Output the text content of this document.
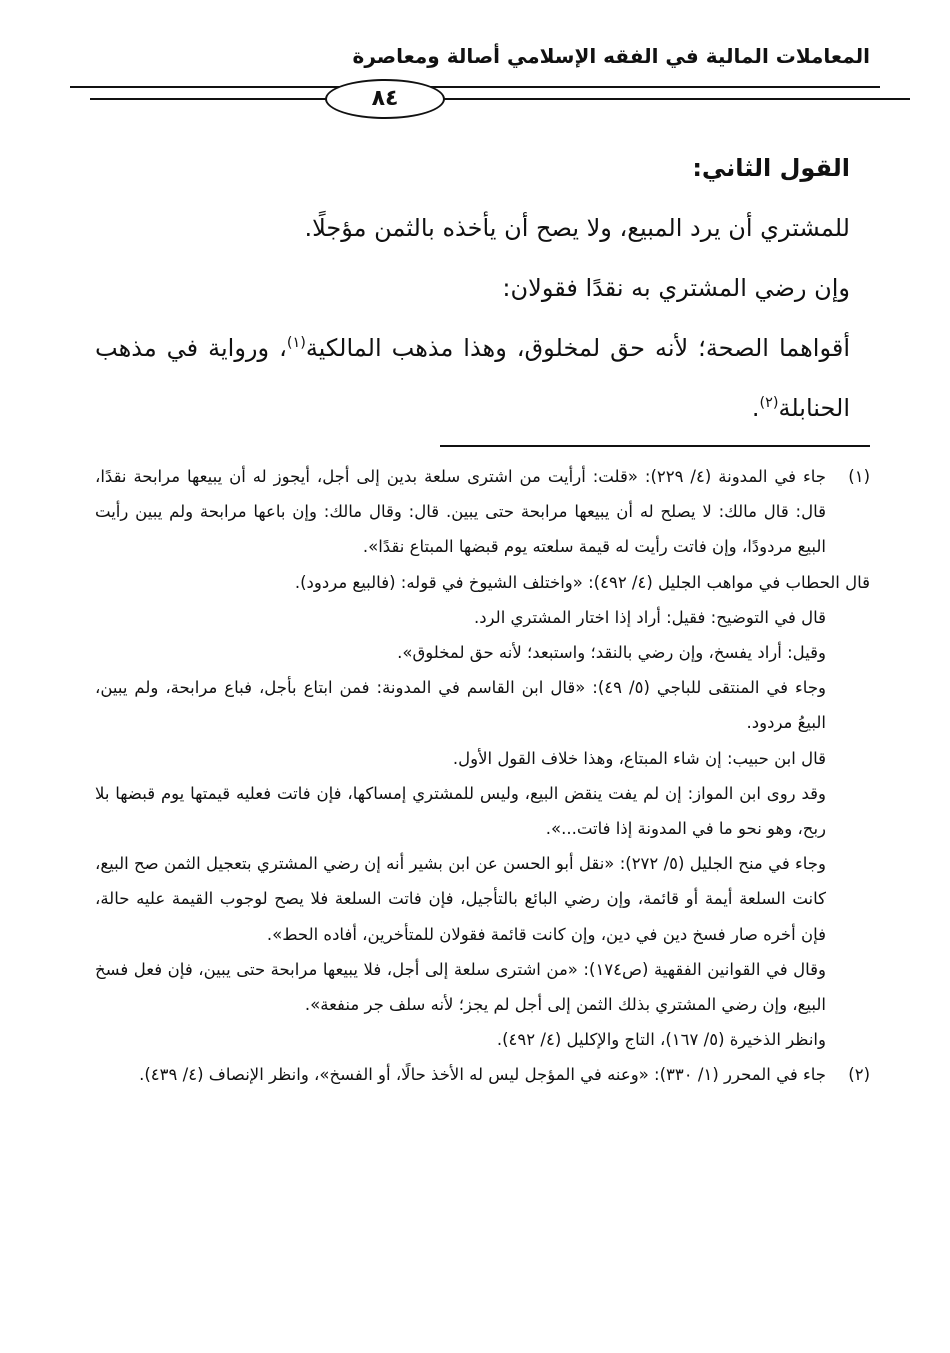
المعاملات المالية في الفقه الإسلامي أصالة ومعاصرة
٨٤

القول الثاني:

للمشتري أن يرد المبيع، ولا يصح أن يأخذه بالثمن مؤجلًا.

وإن رضي المشتري به نقدًا فقولان:

أقواهما الصحة؛ لأنه حق لمخلوق، وهذا مذهب المالكية$^{(١)}$، ورواية في مذهب الحنابلة$^{(٢)}$.

(١)

جاء في المدونة (٤/ ٢٢٩): «قلت: أرأيت من اشترى سلعة بدين إلى أجل، أيجوز له أن يبيعها مرابحة نقدًا، قال: قال مالك: لا يصلح له أن يبيعها مرابحة حتى يبين. قال: وقال مالك: وإن باعها مرابحة ولم يبين رأيت البيع مردودًا، وإن فاتت رأيت له قيمة سلعته يوم قبضها المبتاع نقدًا».

قال الحطاب في مواهب الجليل (٤/ ٤٩٢): «واختلف الشيوخ في قوله: (فالبيع مردود).

قال في التوضيح: فقيل: أراد إذا اختار المشتري الرد.

وقيل: أراد يفسخ، وإن رضي بالنقد؛ واستبعد؛ لأنه حق لمخلوق».

وجاء في المنتقى للباجي (٥/ ٤٩): «قال ابن القاسم في المدونة: فمن ابتاع بأجل، فباع مرابحة، ولم يبين، البيعُ مردود.

قال ابن حبيب: إن شاء المبتاع، وهذا خلاف القول الأول.

وقد روى ابن المواز: إن لم يفت ينقض البيع، وليس للمشتري إمساكها، فإن فاتت فعليه قيمتها يوم قبضها بلا ربح، وهو نحو ما في المدونة إذا فاتت...».

وجاء في منح الجليل (٥/ ٢٧٢): «نقل أبو الحسن عن ابن بشير أنه إن رضي المشتري بتعجيل الثمن صح البيع، كانت السلعة أيمة أو قائمة، وإن رضي البائع بالتأجيل، فإن فاتت السلعة فلا يصح لوجوب القيمة عليه حالة، فإن أخره صار فسخ دين في دين، وإن كانت قائمة فقولان للمتأخرين، أفاده الحط».

وقال في القوانين الفقهية (ص١٧٤): «من اشترى سلعة إلى أجل، فلا يبيعها مرابحة حتى يبين، فإن فعل فسخ البيع، وإن رضي المشتري بذلك الثمن إلى أجل لم يجز؛ لأنه سلف جر منفعة».

وانظر الذخيرة (٥/ ١٦٧)، التاج والإكليل (٤/ ٤٩٢).

(٢)

جاء في المحرر (١/ ٣٣٠): «وعنه في المؤجل ليس له الأخذ حالًا، أو الفسخ»، وانظر الإنصاف (٤/ ٤٣٩).
